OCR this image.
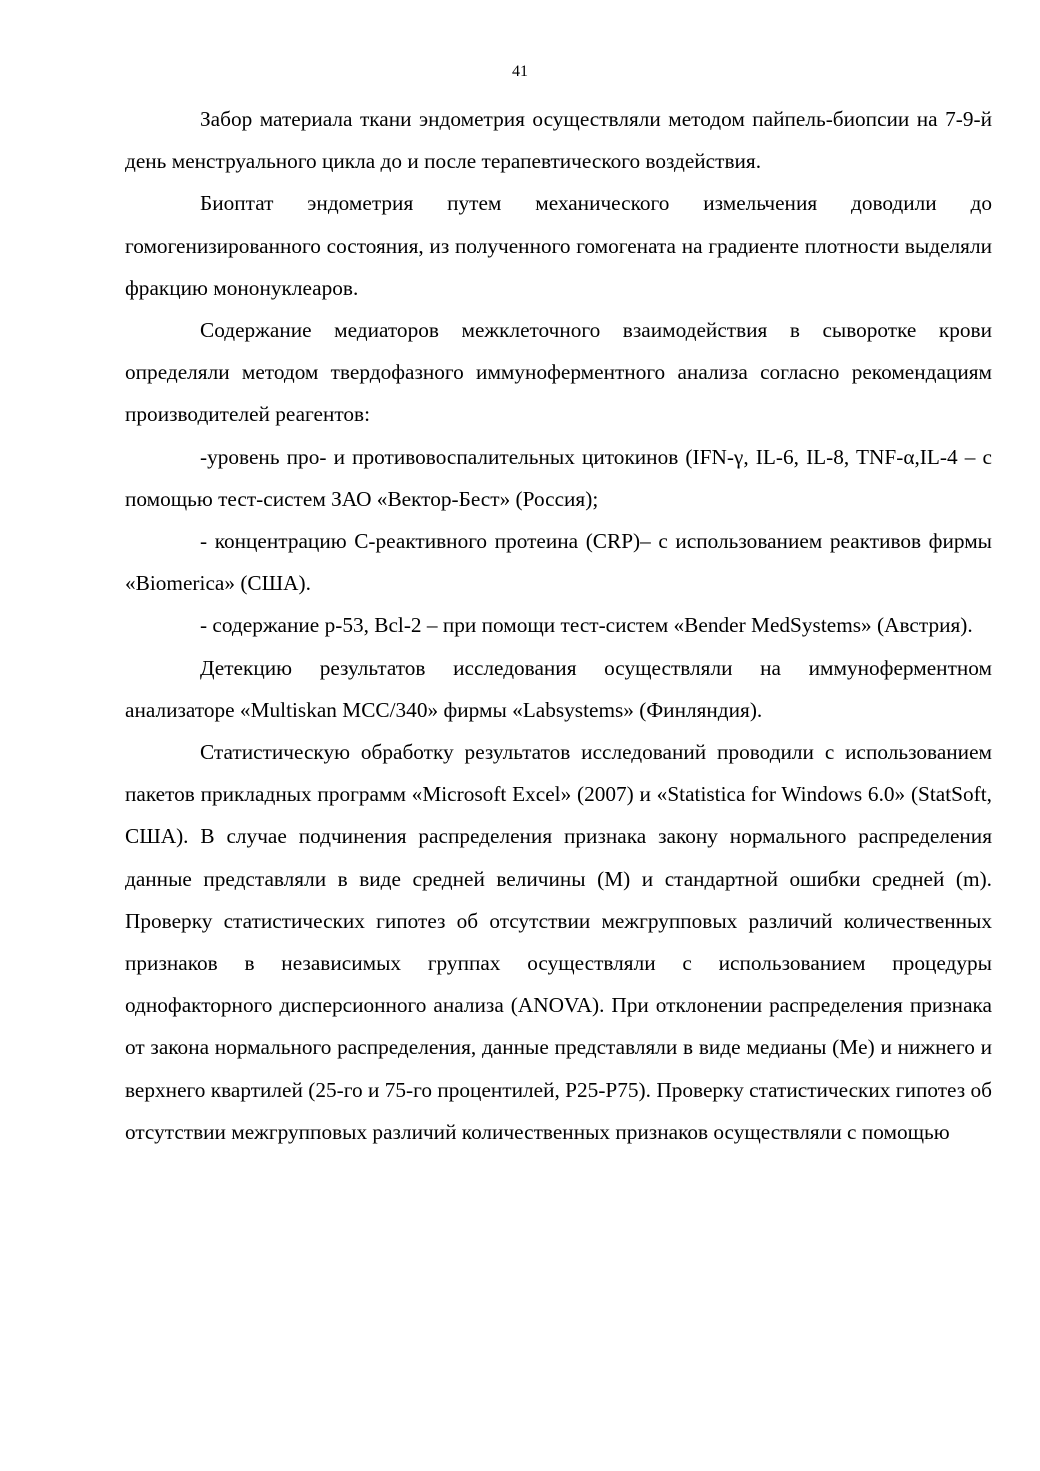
41

Забор материала ткани эндометрия осуществляли методом пайпель-биопсии на 7-9-й день менструального цикла до и после терапевтического воздействия.

Биоптат эндометрия путем механического измельчения доводили до гомогенизированного состояния, из полученного гомогената на градиенте плотности выделяли фракцию мононуклеаров.

Содержание медиаторов межклеточного взаимодействия в сыворотке крови определяли методом твердофазного иммуноферментного анализа согласно рекомендациям производителей реагентов:

-уровень про- и противовоспалительных цитокинов (IFN-γ, IL-6, IL-8, TNF-α,IL-4 – с помощью тест-систем ЗАО «Вектор-Бест» (Россия);

- концентрацию С-реактивного протеина (CRP)– с использованием реактивов фирмы «Biomerica» (США).

- содержание p-53, Bcl-2 – при помощи тест-систем «Bender MedSystems» (Австрия).

Детекцию результатов исследования осуществляли на иммуноферментном анализаторе «Multiskan MCC/340» фирмы «Labsystems» (Финляндия).

Статистическую обработку результатов исследований проводили с использованием пакетов прикладных программ «Microsoft Excel» (2007) и «Statistica for Windows 6.0» (StatSoft, США). В случае подчинения распределения признака закону нормального распределения данные представляли в виде средней величины (M) и стандартной ошибки средней (m). Проверку статистических гипотез об отсутствии межгрупповых различий количественных признаков в независимых группах осуществляли с использованием процедуры однофакторного дисперсионного анализа (ANOVA). При отклонении распределения признака от закона нормального распределения, данные представляли в виде медианы (Me) и нижнего и верхнего квартилей (25-го и 75-го процентилей, P25-P75). Проверку статистических гипотез об отсутствии межгрупповых различий количественных признаков осуществляли с помощью
